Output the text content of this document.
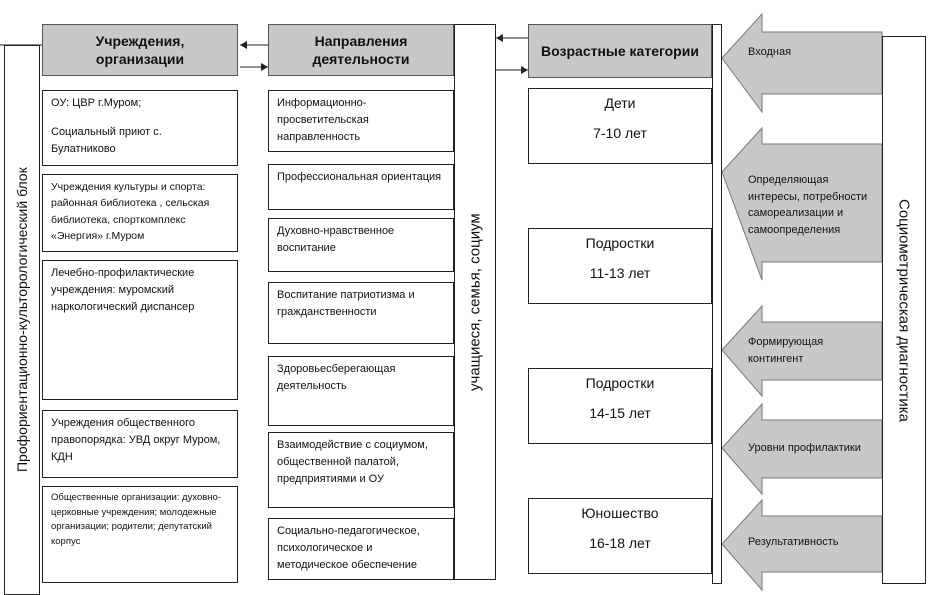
Профориентационно-культорологический блок
Учреждения, организации
ОУ: ЦВР г.Муром;
Социальный приют с. Булатниково
Учреждения культуры и спорта: районная библиотека , сельская библиотека, спорткомплекс «Энергия» г.Муром
Лечебно-профилактические учреждения: муромский наркологический диспансер
Учреждения общественного правопорядка: УВД округ Муром, КДН
Общественные организации: духовно-церковные учреждения; молодежные организации; родители; депутатский корпус
Направления деятельности
Информационно-просветительская направленность
Профессиональная ориентация
Духовно-нравственное воспитание
Воспитание патриотизма и гражданственности
Здоровьесберегающая деятельность
Взаимодействие с социумом, общественной палатой, предприятиями и ОУ
Социально-педагогическое, психологическое и методическое обеспечение
учащиеся, семья, социум
Возрастные категории
Дети
7-10 лет
Подростки
11-13 лет
Подростки
14-15 лет
Юношество
16-18 лет
Входная
Определяющая интересы, потребности самореализации и самоопределения
Формирующая контингент
Уровни профилактики
Результативность
Социометрическая диагностика
